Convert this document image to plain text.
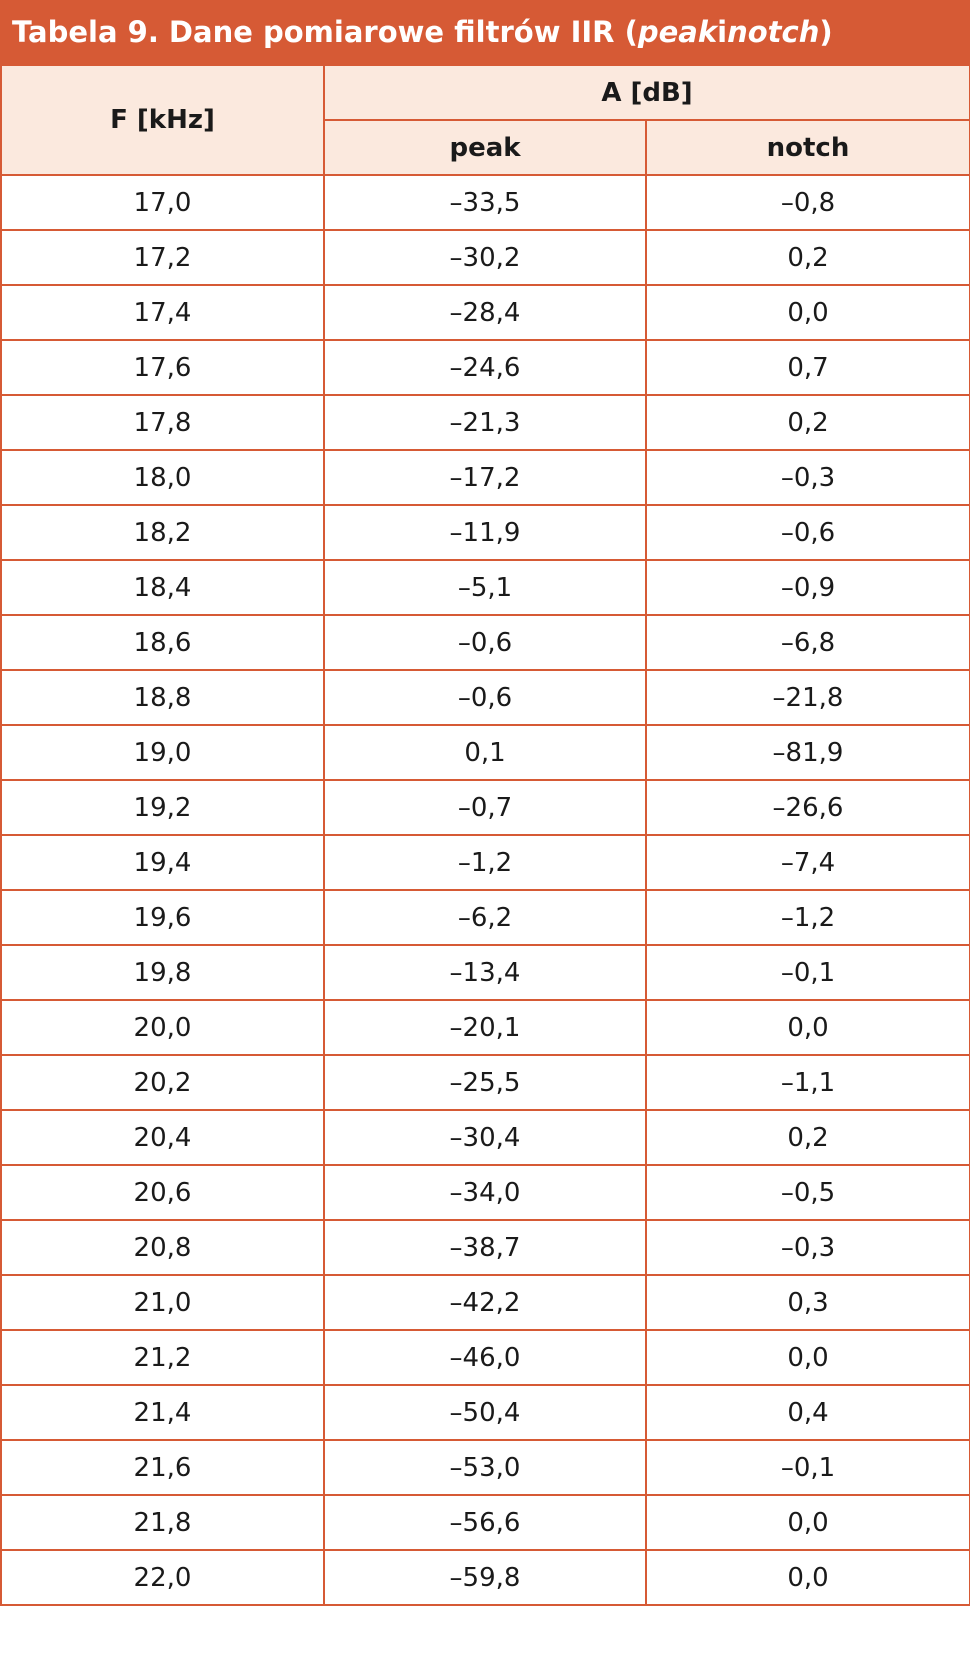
Tabela 9. Dane pomiarowe filtrów IIR ( peak i notch )
F [kHz]	A [dB]	
	peak	notch
17,0	–33,5	–0,8
17,2	–30,2	0,2
17,4	–28,4	0,0
17,6	–24,6	0,7
17,8	–21,3	0,2
18,0	–17,2	–0,3
18,2	–11,9	–0,6
18,4	–5,1	–0,9
18,6	–0,6	–6,8
18,8	–0,6	–21,8
19,0	0,1	–81,9
19,2	–0,7	–26,6
19,4	–1,2	–7,4
19,6	–6,2	–1,2
19,8	–13,4	–0,1
20,0	–20,1	0,0
20,2	–25,5	–1,1
20,4	–30,4	0,2
20,6	–34,0	–0,5
20,8	–38,7	–0,3
21,0	–42,2	0,3
21,2	–46,0	0,0
21,4	–50,4	0,4
21,6	–53,0	–0,1
21,8	–56,6	0,0
22,0	–59,8	0,0
